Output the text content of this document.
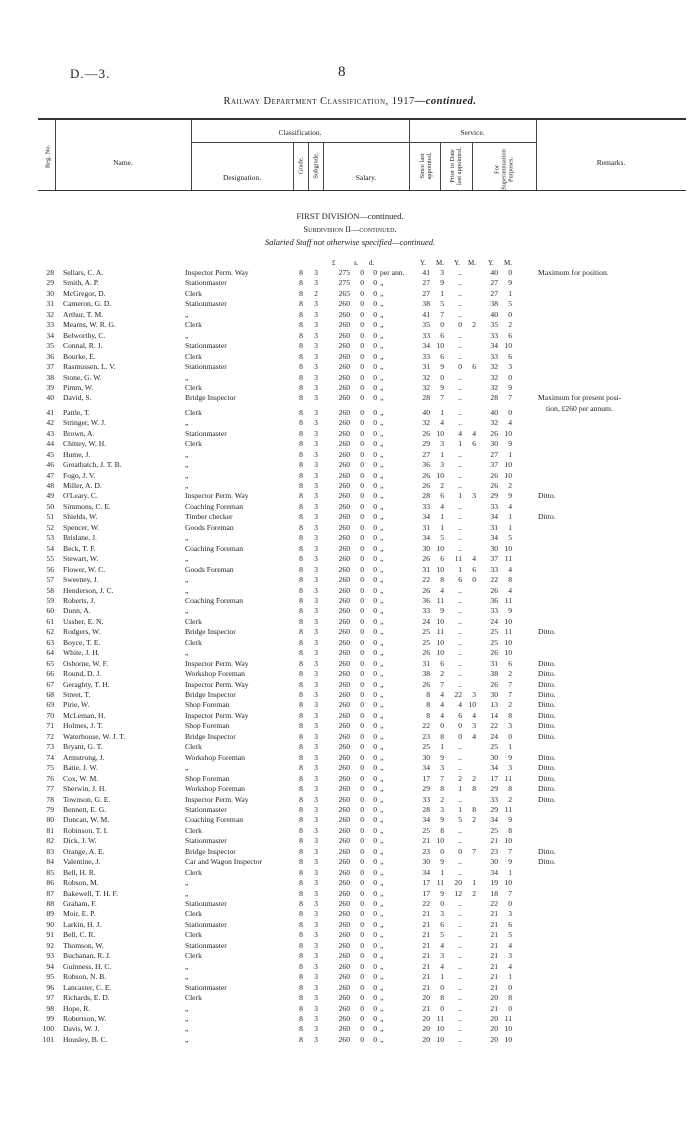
D.—3.	8
Railway Department Classification, 1917—continued.
Reg. No.	Name.
Classification.
Designation.
Grade. Subgrade.	Salary.
Service.
Since last appointed. Prior to Date last appointed.	For Superannuation Purposes.	Remarks.
FIRST DIVISION—continued.
Subdivision II—continued.
Salaried Staff not otherwise specified—continued.
£	s. d.	Y. M. Y. M. Y. M.
28 Sellars, C. A.	Inspector Perm. Way	8 3	275	0	0 per ann.	41	3	..	40	0	Maximum for position.
29 Smith, A. P.	Stationmaster	8 3	275	0	0 „	27	9	..	27	9
30 McGregor, D.	Clerk	8 2	265	0	0 „	27	1	..	27	1
31 Cameron, G. D.	Stationmaster	8 3	260	0	0 „	38	5	..	38	5
32 Arthur, T. M.	„	8 3	260	0	0 „	41	7	..	40	0
33 Mearns, W. R. G.	Clerk	8 3	260	0	0 „	35	0	0	2	35	2
34 Belworthy, C.	„	8 3	260	0	0 „	33	6	..	33	6
35 Connal, R. J.	Stationmaster	8 3	260	0	0 „	34 10	..	34 10
36 Bourke, E.	Clerk	8 3	260	0	0 „	33	6	..	33	6
37 Rasmussen, L. V.	Stationmaster	8 3	260	0	0 „	31	9	0	6	32	3
38 Stone, G. W.	„	8 3	260	0	0 „	32	0	..	32	0
39 Pimm, W.	Clerk	8 3	260	0	0 „	32	9	..	32	9
40 David, S.	Bridge Inspector	8 3	260	0	0 „	28	7	..	28	7	Maximum for present posi-
tion, £260 per annum.
41 Pattle, T.	Clerk	8 3	260	0	0 „	40	1	..	40	0
42 Stringer, W. J.	„	8 3	260	0	0 „	32	4	..	32	4
43 Brown, A.	Stationmaster	8 3	260	0	0 „	26 10	4	4	26 10
44 Chittey, W. H.	Clerk	8 3	260	0	0 „	29	3	1	6	30	9
45 Hume, J.	„	8 3	260	0	0 „	27	1	..	27	1
46 Greatbatch, J. T. B.	„	8 3	260	0	0 „	36	3	..	37 10
47 Fogo, J. V.	„	8 3	260	0	0 „	26 10	..	26 10
48 Miller, A. D.	„	8 3	260	0	0 „	26	2	..	26	2
49 O'Leary, C.	Inspector Perm. Way	8 3	260	0	0 „	28	6	1	3	29	9	Ditto.
50 Simmons, C. E.	Coaching Foreman	8 3	260	0	0 „	33	4	..	33	4
51 Shields, W.	Timber checker	8 3	260	0	0 „	34	1	..	34	1	Ditto.
52 Spencer, W.	Goods Foreman	8 3	260	0	0 „	31	1	..	31	1
53 Brislane, J.	„	8 3	260	0	0 „	34	5	..	34	5
54 Beck, T. F.	Coaching Foreman	8 3	260	0	0 „	30 10	..	30 10
55 Stewart, W.	„	8 3	260	0	0 „	26	6	11	4	37 11
56 Flower, W. C.	Goods Foreman	8 3	260	0	0 „	31 10	1	6	33	4
57 Sweeney, J.	„	8 3	260	0	0 „	22	8	6	0	22	8
58 Henderson, J. C.	„	8 3	260	0	0 „	26	4	..	26	4
59 Roberts, J.	Coaching Foreman	8 3	260	0	0 „	36 11	..	36 11
60 Dunn, A.	„	8 3	260	0	0 „	33	9	..	33	9
61 Ussher, E. N.	Clerk	8 3	260	0	0 „	24 10	..	24 10
62 Rodgers, W.	Bridge Inspector	8 3	260	0	0 „	25 11	..	25 11	Ditto.
63 Boyce, T. E.	Clerk	8 3	260	0	0 „	25 10	..	25 10
64 White, J. H.	„	8 3	260	0	0 „	26 10	..	26 10
65 Osborne, W. F.	Inspector Perm. Way	8 3	260	0	0 „	31	6	..	31	6	Ditto.
66 Round, D. J.	Workshop Foreman	8 3	260	0	0 „	38	2	..	38	2	Ditto.
67 Geraghty, T. H.	Inspector Perm. Way	8 3	260	0	0 „	26	7	..	26	7	Ditto.
68 Street, T.	Bridge Inspector	8 3	260	0	0 „	8	4	22	3	30	7	Ditto.
69 Pirie, W.	Shop Foreman	8 3	260	0	0 „	8	4	4 10	13	2	Ditto.
70 McLeman, H.	Inspector Perm. Way	8 3	260	0	0 „	8	4	6	4	14	8	Ditto.
71 Holmes, J. T.	Shop Foreman	8 3	260	0	0 „	22	0	0	3	22	3	Ditto.
72 Waterhouse, W. J. T.	Bridge Inspector	8 3	260	0	0 „	23	8	0	4	24	0	Ditto.
73 Bryant, G. T.	Clerk	8 3	260	0	0 „	25	1	..	25	1
74 Armstrong, J.	Workshop Foreman	8 3	260	0	0 „	30	9	..	30	9	Ditto.
75 Batie, J. W.	„	8 3	260	0	0 „	34	3	..	34	3	Ditto.
76 Cox, W. M.	Shop Foreman	8 3	260	0	0 „	17	7	2	2	17 11	Ditto.
77 Sherwin, J. H.	Workshop Foreman	8 3	260	0	0 „	29	8	1	8	29	8	Ditto.
78 Townson, G. E.	Inspector Perm. Way	8 3	260	0	0 „	33	2	..	33	2	Ditto.
79 Bennett, E. G.	Stationmaster	8 3	260	0	0 „	28	3	1	8	29 11
80 Duncan, W. M.	Coaching Foreman	8 3	260	0	0 „	34	9	5	2	34	9
81 Robinson, T. I.	Clerk	8 3	260	0	0 „	25	8	..	25	8
82 Dick, J. W.	Stationmaster	8 3	260	0	0 „	21 10	..	21 10
83 Orange, A. E.	Bridge Inspector	8 3	260	0	0 „	23	0	0	7	23	7	Ditto.
84 Valentine, J.	Car and Wagon Inspector	8 3	260	0	0 „	30	9	..	30	9	Ditto.
85 Bell, H. R.	Clerk	8 3	260	0	0 „	34	1	..	34	1
86 Robson, M.	„	8 3	260	0	0 „	17 11	20	1	19 10
87 Bakewell, T. H. F.	„	8 3	260	0	0 „	17	9	12	2	18	7
88 Graham, F.	Stationmaster	8 3	260	0	0 „	22	0	..	22	0
89 Moir, E. P.	Clerk	8 3	260	0	0 „	21	3	..	21	3
90 Larkin, H. J.	Stationmaster	8 3	260	0	0 „	21	6	..	21	6
91 Bell, C. R.	Clerk	8 3	260	0	0 „	21	5	..	21	5
92 Thomson, W.	Stationmaster	8 3	260	0	0 „	21	4	..	21	4
93 Buchanan, R. J.	Clerk	8 3	260	0	0 „	21	3	..	21	3
94 Guinness, H. C.	„	8 3	260	0	0 „	21	4	..	21	4
95 Robson, N. B.	„	8 3	260	0	0 „	21	1	..	21	1
96 Lancaster, C. E.	Stationmaster	8 3	260	0	0 „	21	0	..	21	0
97 Richards, E. D.	Clerk	8 3	260	0	0 „	20	8	..	20	8
98 Hope, R.	„	8 3	260	0	0 „	21	0	..	21	0
99 Robertson, W.	„	8 3	260	0	0 „	20 11	..	20 11
100 Davis, W. J.	„	8 3	260	0	0 „	20 10	..	20 10
101 Housley, B. C.	„	8 3	260	0	0 „	20 10	..	20 10
